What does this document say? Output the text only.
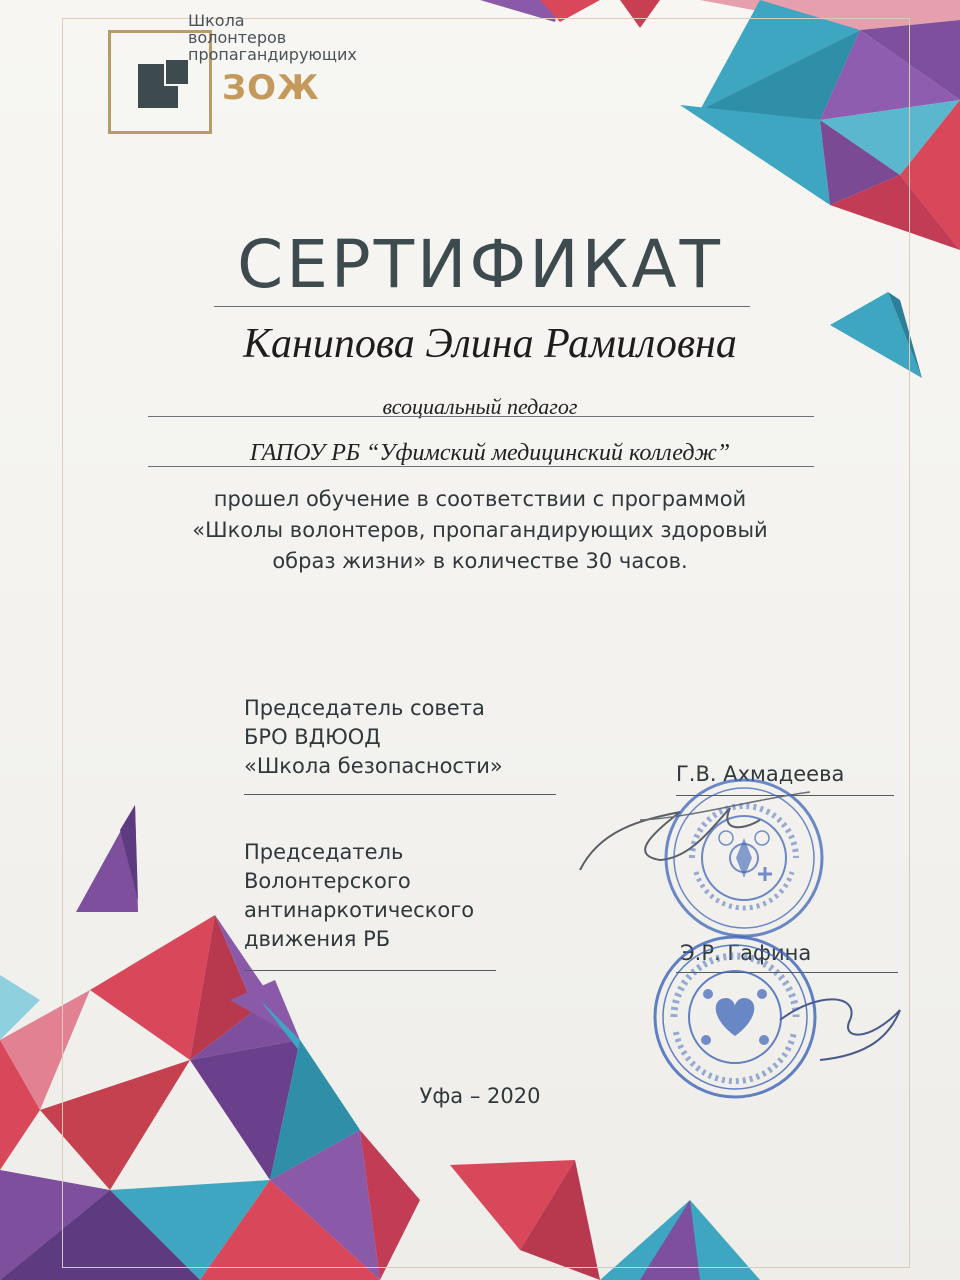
Школа
волонтеров
пропагандирующих
ЗОЖ
СЕРТИФИКАТ
Канипова Элина Рамиловна
всоциальный педагог
ГАПОУ РБ “Уфимский медицинский колледж”
прошел обучение в соответствии с программой
«Школы волонтеров, пропагандирующих здоровый
образ жизни» в количестве 30 часов.
Председатель совета
БРО ВДЮОД
«Школа безопасности»	Г.В. Ахмадеева
Председатель
Волонтерского
антинаркотического
движения РБ
Э.Р. Гафина
Уфа – 2020
